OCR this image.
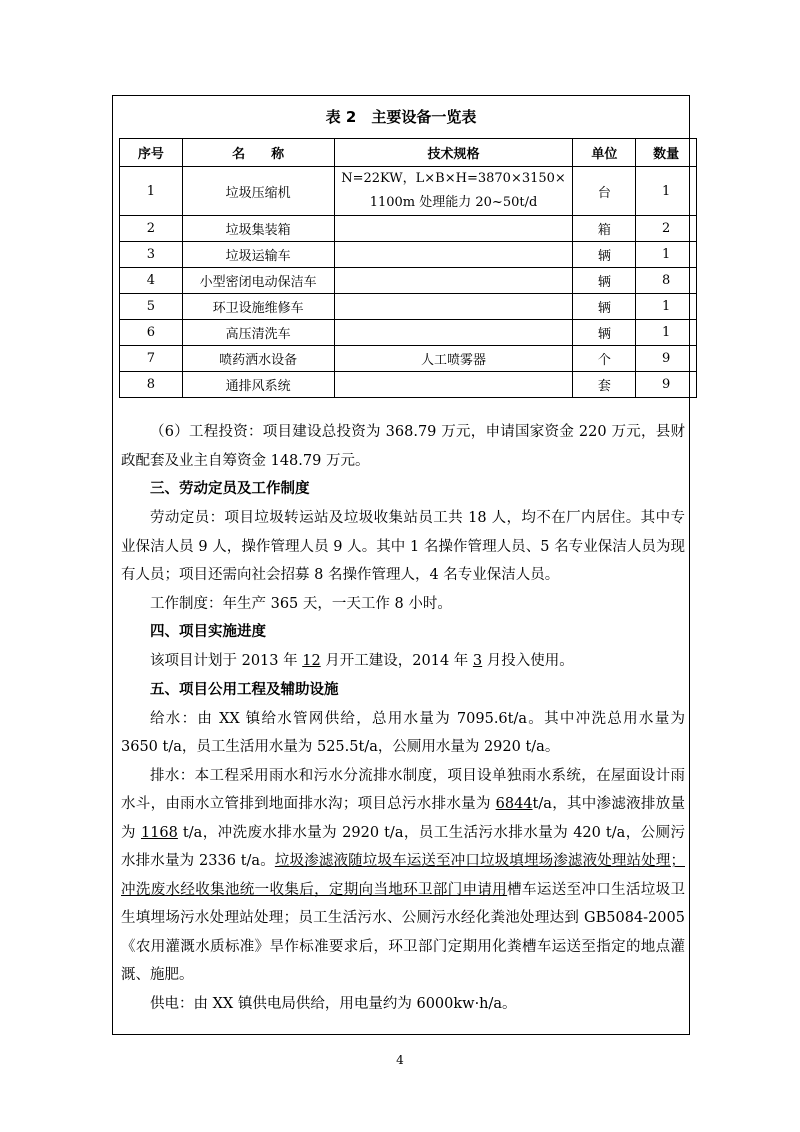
表 2　主要设备一览表
序号	名　　称	技术规格	单位	数量
1	垃圾压缩机	N=22KW，L×B×H=3870×3150×
1100m 处理能力 20~50t/d	台	1
2	垃圾集装箱		箱	2
3	垃圾运输车		辆	1
4	小型密闭电动保洁车		辆	8
5	环卫设施维修车		辆	1
6	高压清洗车		辆	1
7	喷药洒水设备	人工喷雾器	个	9
8	通排风系统		套	9

（6）工程投资：项目建设总投资为 368.79 万元，申请国家资金 220 万元，县财政配套及业主自筹资金 148.79 万元。

三、劳动定员及工作制度

劳动定员：项目垃圾转运站及垃圾收集站员工共 18 人，均不在厂内居住。其中专业保洁人员 9 人，操作管理人员 9 人。其中 1 名操作管理人员、5 名专业保洁人员为现有人员；项目还需向社会招募 8 名操作管理人，4 名专业保洁人员。

工作制度：年生产 365 天，一天工作 8 小时。

四、项目实施进度

该项目计划于 2013 年 12 月开工建设，2014 年 3 月投入使用。

五、项目公用工程及辅助设施

给水：由 XX 镇给水管网供给，总用水量为 7095.6t/a。其中冲洗总用水量为 3650 t/a，员工生活用水量为 525.5t/a，公厕用水量为 2920 t/a。

排水：本工程采用雨水和污水分流排水制度，项目设单独雨水系统，在屋面设计雨水斗，由雨水立管排到地面排水沟；项目总污水排水量为 6844t/a，其中渗滤液排放量为 1168 t/a，冲洗废水排水量为 2920 t/a，员工生活污水排水量为 420 t/a，公厕污水排水量为 2336 t/a。垃圾渗滤液随垃圾车运送至冲口垃圾填埋场渗滤液处理站处理；冲洗废水经收集池统一收集后，定期向当地环卫部门申请用槽车运送至冲口生活垃圾卫生填埋场污水处理站处理；员工生活污水、公厕污水经化粪池处理达到 GB5084-2005《农用灌溉水质标准》旱作标准要求后，环卫部门定期用化粪槽车运送至指定的地点灌溉、施肥。

供电：由 XX 镇供电局供给，用电量约为 6000kw·h/a。

4
